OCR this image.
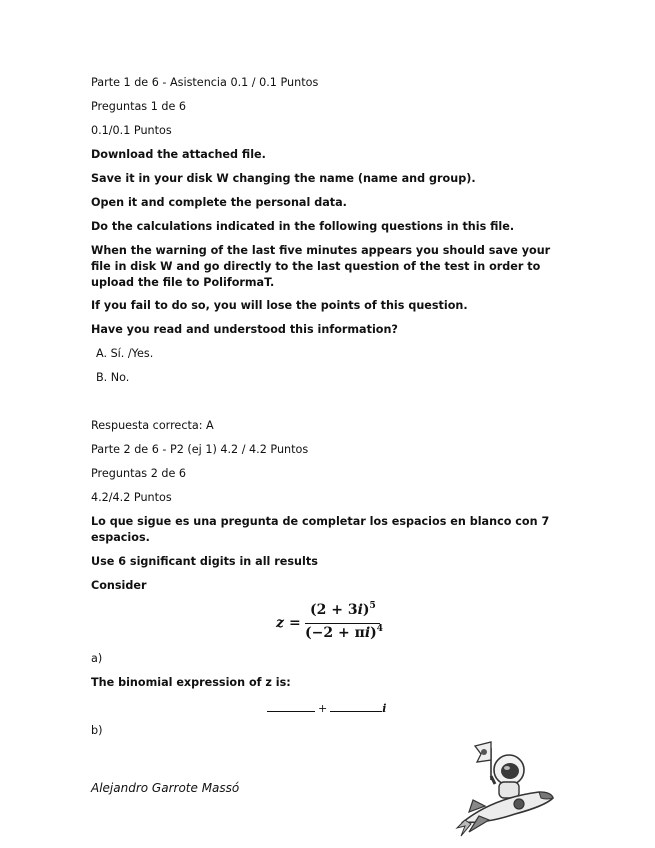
Parte 1 de 6 - Asistencia 0.1 / 0.1 Puntos
Preguntas 1 de 6
0.1/0.1 Puntos
Download the attached file.
Save it in your disk W changing the name (name and group).
Open it and complete the personal data.
Do the calculations indicated in the following questions in this file.
When the warning of the last five minutes appears you should save your file in disk W and go directly to the last question of the test in order to upload the file to PoliformaT.
If you fail to do so, you will lose the points of this question.
Have you read and understood this information?
A. Sí. /Yes.
B. No.
Respuesta correcta: A
Parte 2 de 6 - P2 (ej 1) 4.2 / 4.2 Puntos
Preguntas 2 de 6
4.2/4.2 Puntos
Lo que sigue es una pregunta de completar los espacios en blanco con 7 espacios.
Use 6 significant digits in all results
Consider
z =
$(2 + 3i)^5$
$(-2 + \pi i)^4$
a)
The binomial expression of z is:
+	i
b)
Alejandro Garrote Massó
